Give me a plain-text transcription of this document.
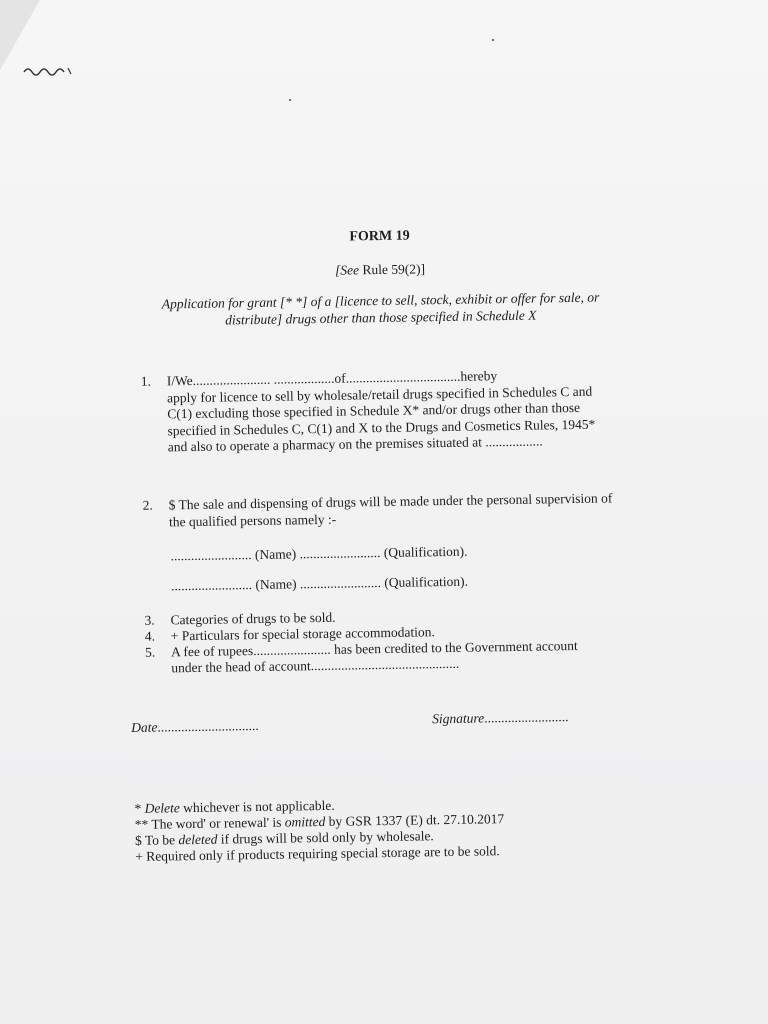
FORM 19
[See Rule 59(2)]
Application for grant [* *] of a [licence to sell, stock, exhibit or offer for sale, or
distribute] drugs other than those specified in Schedule X
1. I/We....................... ..................of..................................hereby
apply for licence to sell by wholesale/retail drugs specified in Schedules C and
C(1) excluding those specified in Schedule X* and/or drugs other than those
specified in Schedules C, C(1) and X to the Drugs and Cosmetics Rules, 1945*
and also to operate a pharmacy on the premises situated at .................
2. $ The sale and dispensing of drugs will be made under the personal supervision of
the qualified persons namely :-
........................ (Name) ........................ (Qualification).
........................ (Name) ........................ (Qualification).
3. Categories of drugs to be sold.
4. + Particulars for special storage accommodation.
5. A fee of rupees....................... has been credited to the Government account
under the head of account............................................
Date..............................	Signature.........................
* Delete whichever is not applicable.
** The word' or renewal' is omitted by GSR 1337 (E) dt. 27.10.2017
$ To be deleted if drugs will be sold only by wholesale.
+ Required only if products requiring special storage are to be sold.
